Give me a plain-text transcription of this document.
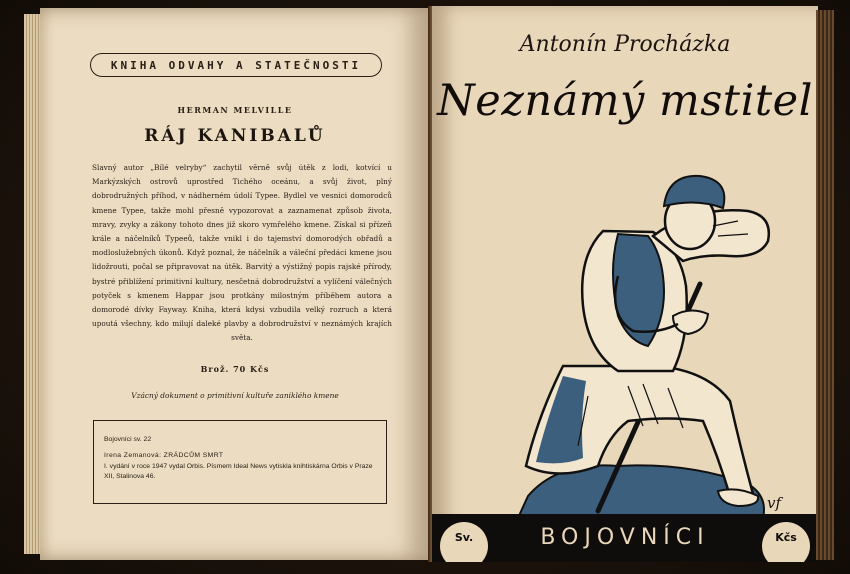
KNIHA ODVAHY A STATEČNOSTI
HERMAN MELVILLE
RÁJ KANIBALŮ
Slavný autor „Bílé velryby“ zachytil věrně svůj útěk z lodi, kotvící u Markýzských ostrovů uprostřed Tichého oceánu, a svůj život, plný dobrodružných příhod, v nádherném údolí Typee. Bydlel ve vesnici domorodců kmene Typee, takže mohl přesně vypozorovat a zaznamenat způsob života, mravy, zvyky a zákony tohoto dnes již skoro vymřelého kmene. Získal si přízeň krále a náčelníků Typeeů, takže vnikl i do tajemství domorodých obřadů a modloslužebných úkonů. Když poznal, že náčelník a váleční předáci kmene jsou lidožrouti, počal se připravovat na útěk. Barvitý a výstižný popis rajské přírody, bystré přiblížení primitivní kultury, nesčetná dobrodružství a vylíčení válečných potyček s kmenem Happar jsou protkány milostným příběhem autora a domorodé dívky Fayway. Kniha, která kdysi vzbudila velký rozruch a která upoutá všechny, kdo milují daleké plavby a dobrodružství v neznámých krajích světa.
Brož. 70 Kčs
Vzácný dokument o primitivní kultuře zaniklého kmene
Bojovníci sv. 22
Irena Zemanová: ZRÁDCŮM SMRT
I. vydání v roce 1947 vydal Orbis. Písmem Ideal News vytiskla knihtiskárna Orbis v Praze XII, Stalinova 46.
Antonín Procházka
Neznámý mstitel
vf
Sv.	BOJOVNÍCI	Kčs
